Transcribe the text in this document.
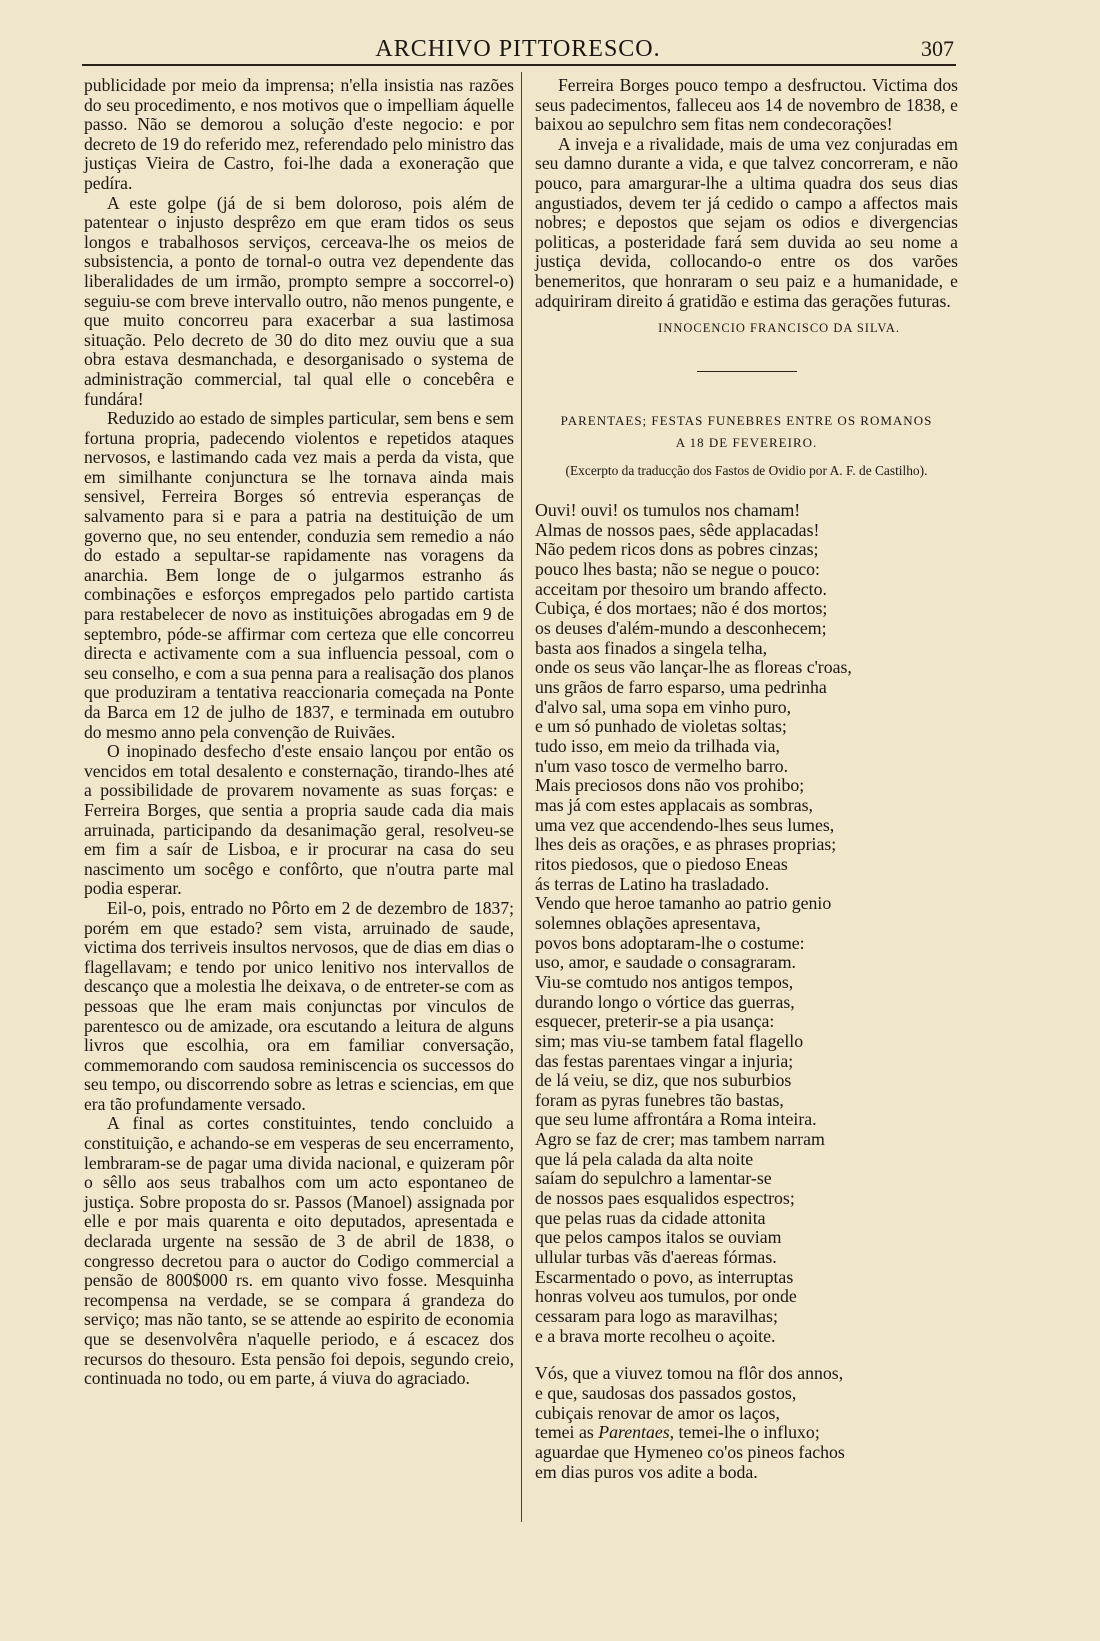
ARCHIVO PITTORESCO.	307

publicidade por meio da imprensa; n'ella insistia nas razões do seu procedimento, e nos motivos que o impelliam áquelle passo. Não se demorou a solução d'este negocio: e por decreto de 19 do referido mez, referendado pelo ministro das justiças Vieira de Castro, foi-lhe dada a exoneração que pedíra.

A este golpe (já de si bem doloroso, pois além de patentear o injusto desprêzo em que eram tidos os seus longos e trabalhosos serviços, cerceava-lhe os meios de subsistencia, a ponto de tornal-o outra vez dependente das liberalidades de um irmão, prompto sempre a soccorrel-o) seguiu-se com breve intervallo outro, não menos pungente, e que muito concorreu para exacerbar a sua lastimosa situação. Pelo decreto de 30 do dito mez ouviu que a sua obra estava desmanchada, e desorganisado o systema de administração commercial, tal qual elle o concebêra e fundára!

Reduzido ao estado de simples particular, sem bens e sem fortuna propria, padecendo violentos e repetidos ataques nervosos, e lastimando cada vez mais a perda da vista, que em similhante conjunctura se lhe tornava ainda mais sensivel, Ferreira Borges só entrevia esperanças de salvamento para si e para a patria na destituição de um governo que, no seu entender, conduzia sem remedio a náo do estado a sepultar-se rapidamente nas voragens da anarchia. Bem longe de o julgarmos estranho ás combinações e esforços empregados pelo partido cartista para restabelecer de novo as instituições abrogadas em 9 de septembro, póde-se affirmar com certeza que elle concorreu directa e activamente com a sua influencia pessoal, com o seu conselho, e com a sua penna para a realisação dos planos que produziram a tentativa reaccionaria começada na Ponte da Barca em 12 de julho de 1837, e terminada em outubro do mesmo anno pela convenção de Ruivães.

O inopinado desfecho d'este ensaio lançou por então os vencidos em total desalento e consternação, tirando-lhes até a possibilidade de provarem novamente as suas forças: e Ferreira Borges, que sentia a propria saude cada dia mais arruinada, participando da desanimação geral, resolveu-se em fim a saír de Lisboa, e ir procurar na casa do seu nascimento um socêgo e confôrto, que n'outra parte mal podia esperar.

Eil-o, pois, entrado no Pôrto em 2 de dezembro de 1837; porém em que estado? sem vista, arruinado de saude, victima dos terriveis insultos nervosos, que de dias em dias o flagellavam; e tendo por unico lenitivo nos intervallos de descanço que a molestia lhe deixava, o de entreter-se com as pessoas que lhe eram mais conjunctas por vinculos de parentesco ou de amizade, ora escutando a leitura de alguns livros que escolhia, ora em familiar conversação, commemorando com saudosa reminiscencia os successos do seu tempo, ou discorrendo sobre as letras e sciencias, em que era tão profundamente versado.

A final as cortes constituintes, tendo concluido a constituição, e achando-se em vesperas de seu encerramento, lembraram-se de pagar uma divida nacional, e quizeram pôr o sêllo aos seus trabalhos com um acto espontaneo de justiça. Sobre proposta do sr. Passos (Manoel) assignada por elle e por mais quarenta e oito deputados, apresentada e declarada urgente na sessão de 3 de abril de 1838, o congresso decretou para o auctor do Codigo commercial a pensão de 800$000 rs. em quanto vivo fosse. Mesquinha recompensa na verdade, se se compara á grandeza do serviço; mas não tanto, se se attende ao espirito de economia que se desenvolvêra n'aquelle periodo, e á escacez dos recursos do thesouro. Esta pensão foi depois, segundo creio, continuada no todo, ou em parte, á viuva do agraciado.

Ferreira Borges pouco tempo a desfructou. Victima dos seus padecimentos, falleceu aos 14 de novembro de 1838, e baixou ao sepulchro sem fitas nem condecorações!

A inveja e a rivalidade, mais de uma vez conjuradas em seu damno durante a vida, e que talvez concorreram, e não pouco, para amargurar-lhe a ultima quadra dos seus dias angustiados, devem ter já cedido o campo a affectos mais nobres; e depostos que sejam os odios e divergencias politicas, a posteridade fará sem duvida ao seu nome a justiça devida, collocando-o entre os dos varões benemeritos, que honraram o seu paiz e a humanidade, e adquiriram direito á gratidão e estima das gerações futuras.

INNOCENCIO FRANCISCO DA SILVA.
PARENTAES; FESTAS FUNEBRES ENTRE OS ROMANOS
A 18 DE FEVEREIRO.
(Excerpto da traducção dos Fastos de Ovidio por A. F. de Castilho).
Ouvi! ouvi! os tumulos nos chamam!
Almas de nossos paes, sêde applacadas!
Não pedem ricos dons as pobres cinzas;
pouco lhes basta; não se negue o pouco:
acceitam por thesoiro um brando affecto.
Cubiça, é dos mortaes; não é dos mortos;
os deuses d'além-mundo a desconhecem;
basta aos finados a singela telha,
onde os seus vão lançar-lhe as floreas c'roas,
uns grãos de farro esparso, uma pedrinha
d'alvo sal, uma sopa em vinho puro,
e um só punhado de violetas soltas;
tudo isso, em meio da trilhada via,
n'um vaso tosco de vermelho barro.
Mais preciosos dons não vos prohibo;
mas já com estes applacais as sombras,
uma vez que accendendo-lhes seus lumes,
lhes deis as orações, e as phrases proprias;
ritos piedosos, que o piedoso Eneas
ás terras de Latino ha trasladado.
Vendo que heroe tamanho ao patrio genio
solemnes oblações apresentava,
povos bons adoptaram-lhe o costume:
uso, amor, e saudade o consagraram.
Viu-se comtudo nos antigos tempos,
durando longo o vórtice das guerras,
esquecer, preterir-se a pia usança:
sim; mas viu-se tambem fatal flagello
das festas parentaes vingar a injuria;
de lá veiu, se diz, que nos suburbios
foram as pyras funebres tão bastas,
que seu lume affrontára a Roma inteira.
Agro se faz de crer; mas tambem narram
que lá pela calada da alta noite
saíam do sepulchro a lamentar-se
de nossos paes esqualidos espectros;
que pelas ruas da cidade attonita
que pelos campos italos se ouviam
ullular turbas vãs d'aereas fórmas.
Escarmentado o povo, as interruptas
honras volveu aos tumulos, por onde
cessaram para logo as maravilhas;
e a brava morte recolheu o açoite.
Vós, que a viuvez tomou na flôr dos annos,
e que, saudosas dos passados gostos,
cubiçais renovar de amor os laços,
temei as Parentaes, temei-lhe o influxo;
aguardae que Hymeneo co'os pineos fachos
em dias puros vos adite a boda.
